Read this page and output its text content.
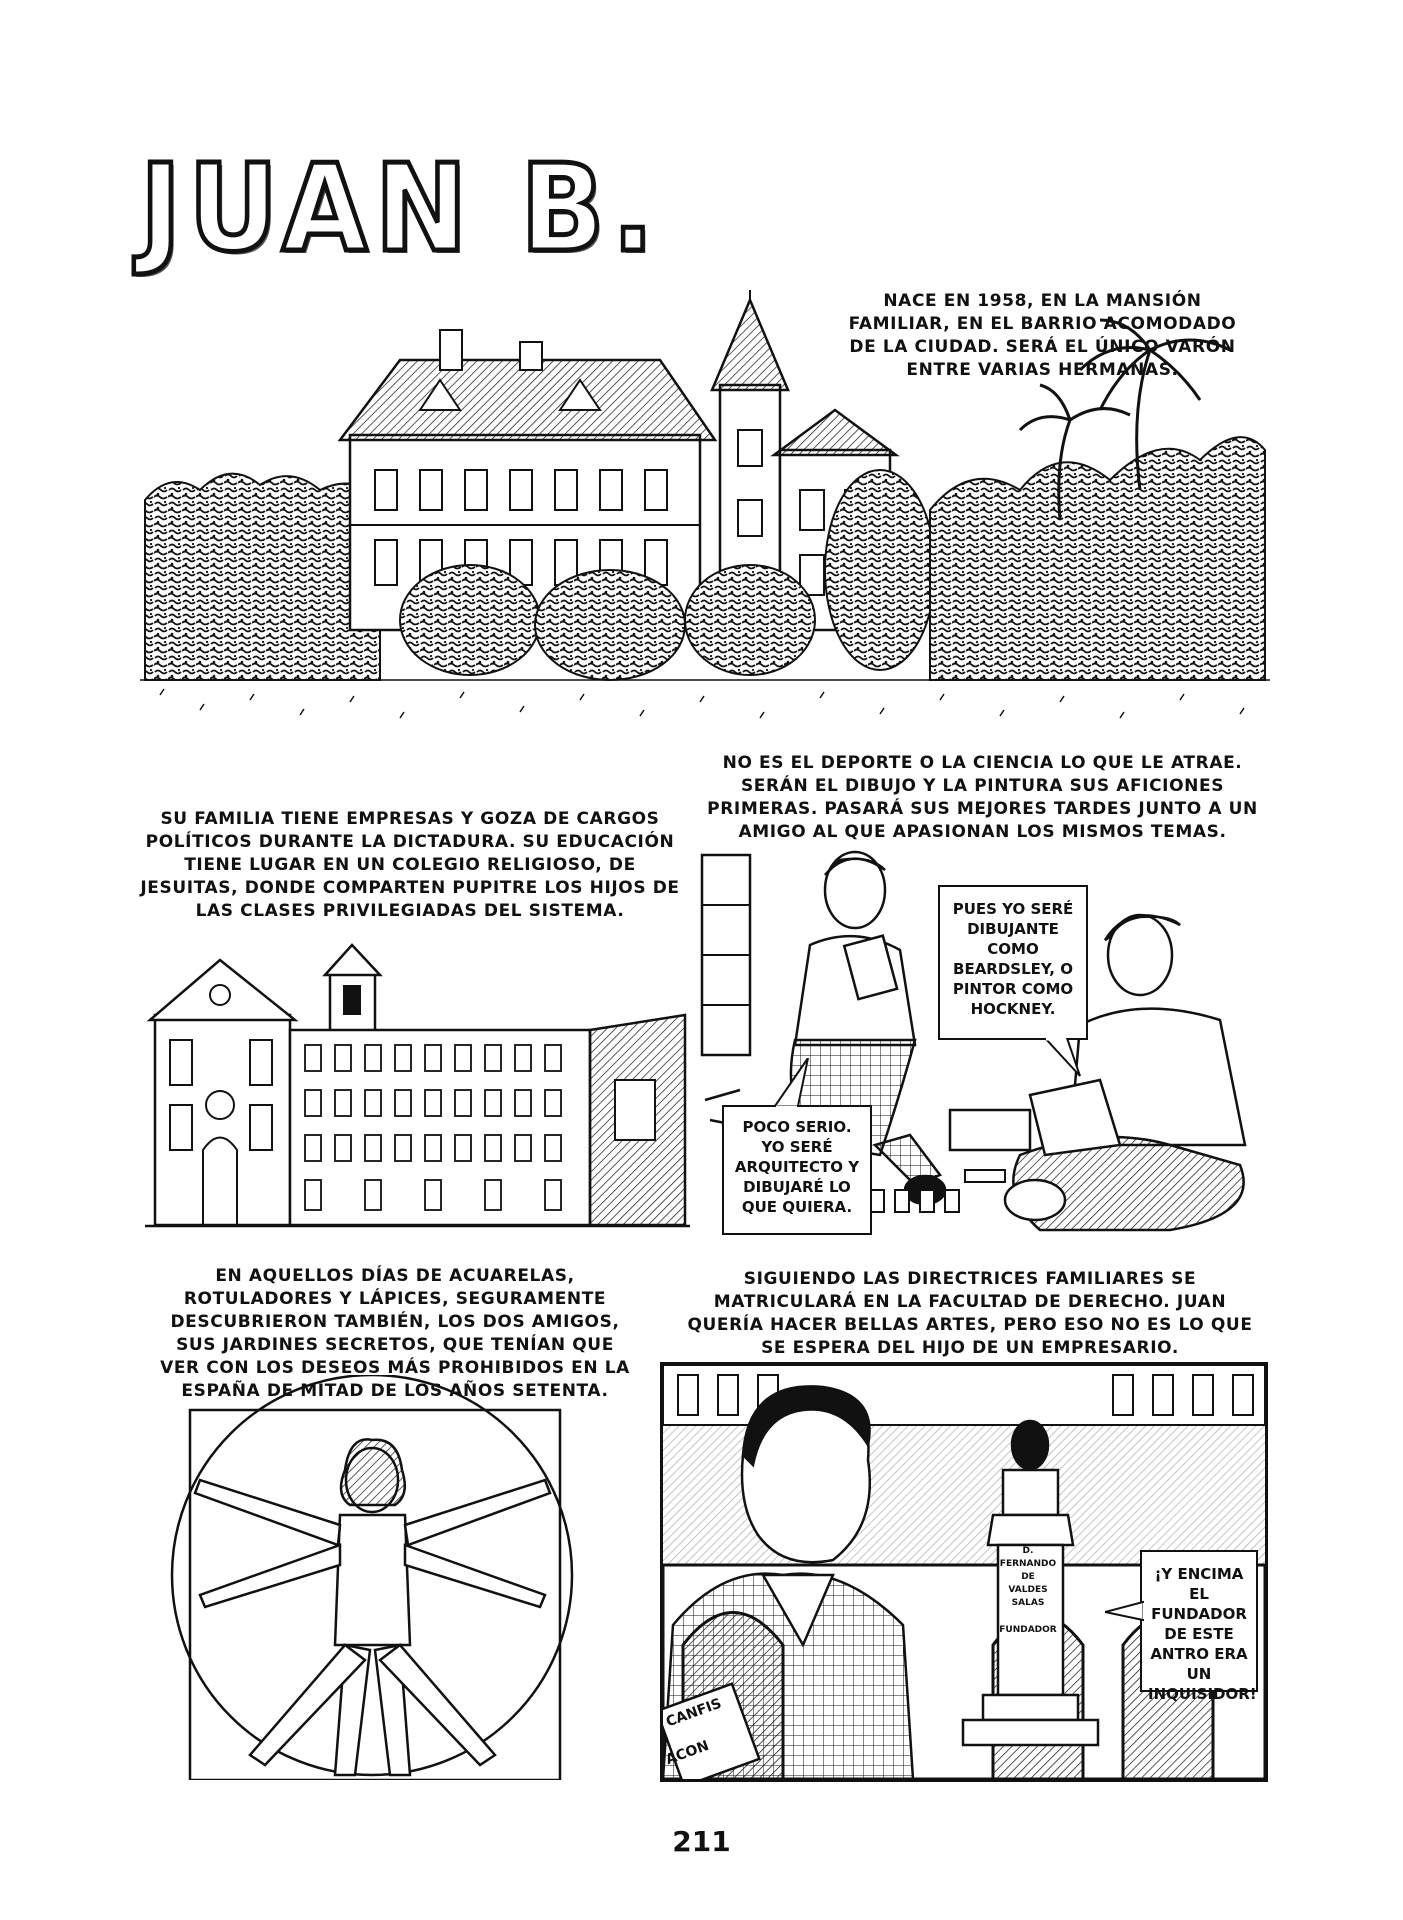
JUAN B.
NACE EN 1958, EN LA MANSIÓN FAMILIAR, EN EL BARRIO ACOMODADO DE LA CIUDAD. SERÁ EL ÚNICO VARÓN ENTRE VARIAS HERMANAS.
SU FAMILIA TIENE EMPRESAS Y GOZA DE CARGOS POLÍTICOS DURANTE LA DICTADURA. SU EDUCACIÓN TIENE LUGAR EN UN COLEGIO RELIGIOSO, DE JESUITAS, DONDE COMPARTEN PUPITRE LOS HIJOS DE LAS CLASES PRIVILEGIADAS DEL SISTEMA.
NO ES EL DEPORTE O LA CIENCIA LO QUE LE ATRAE. SERÁN EL DIBUJO Y LA PINTURA SUS AFICIONES PRIMERAS. PASARÁ SUS MEJORES TARDES JUNTO A UN AMIGO AL QUE APASIONAN LOS MISMOS TEMAS.
PUES YO SERÉ DIBUJANTE COMO BEARDSLEY, O PINTOR COMO HOCKNEY.
POCO SERIO. YO SERÉ ARQUITECTO Y DIBUJARÉ LO QUE QUIERA.
EN AQUELLOS DÍAS DE ACUARELAS, ROTULADORES Y LÁPICES, SEGURAMENTE DESCUBRIERON TAMBIÉN, LOS DOS AMIGOS, SUS JARDINES SECRETOS, QUE TENÍAN QUE VER CON LOS DESEOS MÁS PROHIBIDOS EN LA ESPAÑA DE MITAD DE LOS AÑOS SETENTA.
SIGUIENDO LAS DIRECTRICES FAMILIARES SE MATRICULARÁ EN LA FACULTAD DE DERECHO. JUAN QUERÍA HACER BELLAS ARTES, PERO ESO NO ES LO QUE SE ESPERA DEL HIJO DE UN EMPRESARIO.
D. FERNANDO
DE
VALDES SALAS
FUNDADOR
CANFIS
ACON
¡Y ENCIMA EL FUNDADOR DE ESTE ANTRO ERA UN INQUISIDOR!
211
